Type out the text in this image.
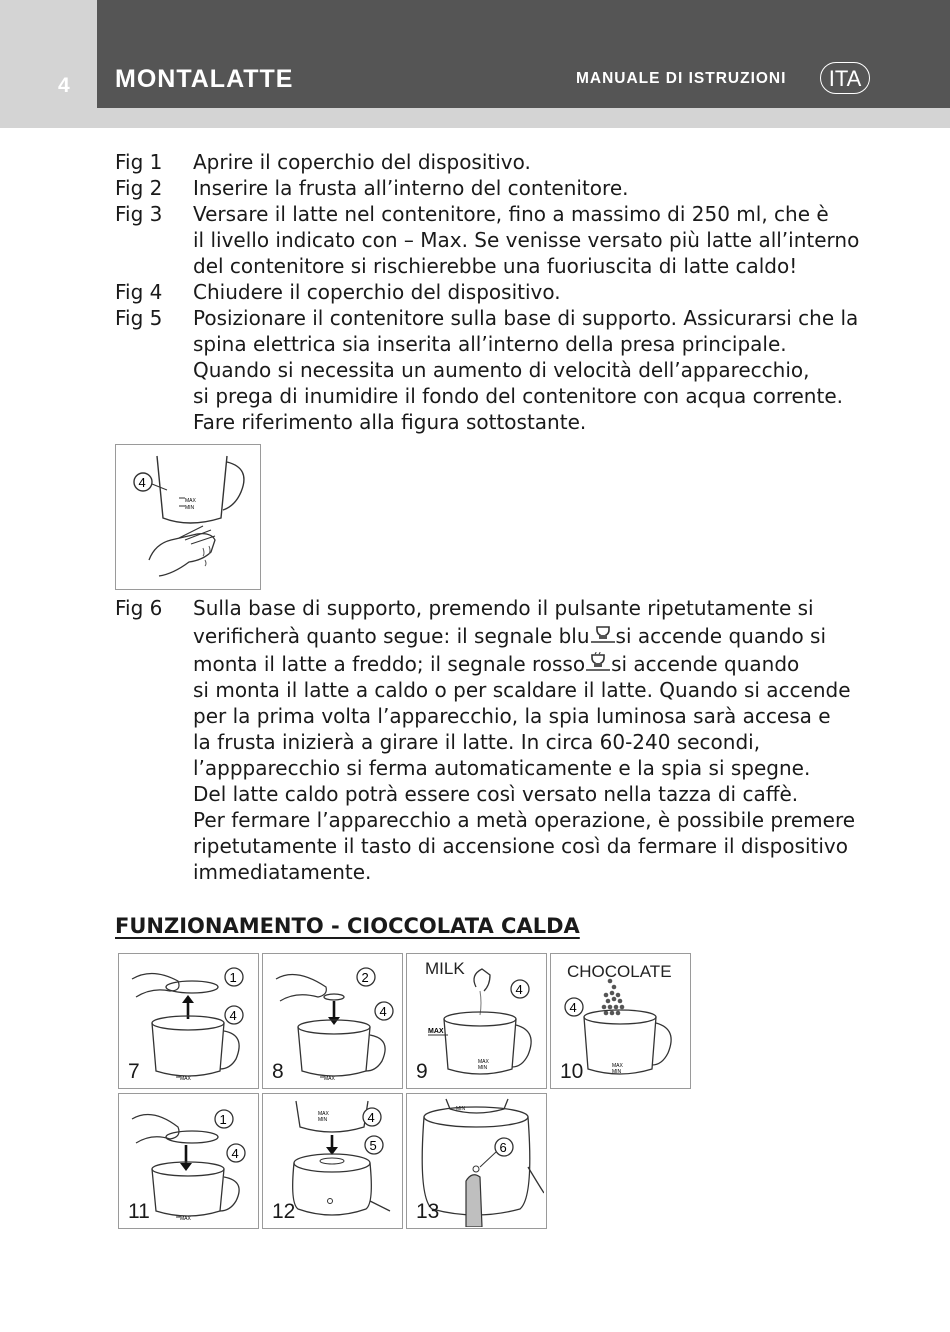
4 MONTALATTE	MANUALE DI ISTRUZIONI	ITA
Fig 1	Aprire il coperchio del dispositivo.
Fig 2	Inserire la frusta all’interno del contenitore.
Fig 3	Versare il latte nel contenitore, fino a massimo di 250 ml, che è
il livello indicato con – Max. Se venisse versato più latte all’interno
del contenitore si rischierebbe una fuoriuscita di latte caldo!
Fig 4	Chiudere il coperchio del dispositivo.
Fig 5	Posizionare il contenitore sulla base di supporto. Assicurarsi che la
spina elettrica sia inserita all’interno della presa principale.
Quando si necessita un aumento di velocità dell’apparecchio,
si prega di inumidire il fondo del contenitore con acqua corrente.
Fare riferimento alla figura sottostante.
MAX
MIN
4
Fig 6	Sulla base di supporto, premendo il pulsante ripetutamente si
verificherà quanto segue: il segnale blu si accende quando si
monta il latte a freddo; il segnale rosso si accende quando
si monta il latte a caldo o per scaldare il latte. Quando si accende
per la prima volta l’apparecchio, la spia luminosa sarà accesa e
la frusta inizierà a girare il latte. In circa 60-240 secondi,
l’appparecchio si ferma automaticamente e la spia si spegne.
Del latte caldo potrà essere così versato nella tazza di caffè.
Per fermare l’apparecchio a metà operazione, è possibile premere
ripetutamente il tasto di accensione così da fermare il dispositivo
immediatamente.
FUNZIONAMENTO - CIOCCOLATA CALDA
1
4
MAX
7
2
4
MAX
8
4
MAX
MAX
MIN
MILK
9
4
MAX
MIN
CHOCOLATE
10
1
4
MAX
11
MAX
MIN	4
5
12
MIN
6
13
